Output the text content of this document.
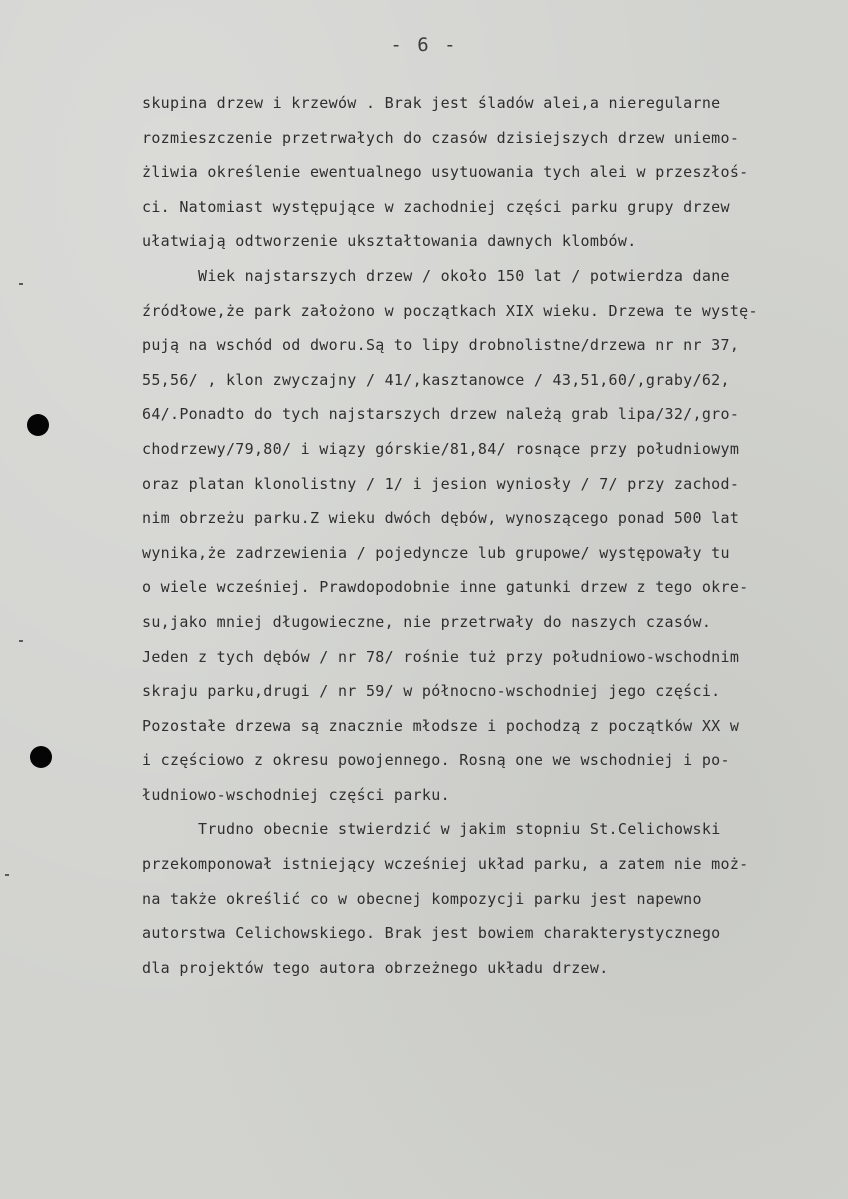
- 6 -
skupina drzew i krzewów . Brak jest śladów alei,a nieregularne
rozmieszczenie przetrwałych do czasów dzisiejszych drzew uniemo-
żliwia określenie ewentualnego usytuowania tych alei w przeszłoś-
ci. Natomiast występujące w zachodniej części parku grupy drzew
ułatwiają odtworzenie ukształtowania dawnych klombów.
Wiek najstarszych drzew / około 150 lat / potwierdza dane
źródłowe,że park założono w początkach XIX wieku. Drzewa te wystę-
pują na wschód od dworu.Są to lipy drobnolistne/drzewa nr nr 37,
55,56/ , klon zwyczajny / 41/,kasztanowce / 43,51,60/,graby/62,
64/.Ponadto do tych najstarszych drzew należą grab lipa/32/,gro-
chodrzewy/79,80/ i wiązy górskie/81,84/ rosnące przy południowym
oraz platan klonolistny / 1/ i jesion wyniosły / 7/ przy zachod-
nim obrzeżu parku.Z wieku dwóch dębów, wynoszącego ponad 500 lat
wynika,że zadrzewienia / pojedyncze lub grupowe/ występowały tu
o wiele wcześniej. Prawdopodobnie inne gatunki drzew z tego okre-
su,jako mniej długowieczne, nie przetrwały do naszych czasów.
Jeden z tych dębów / nr 78/ rośnie tuż przy południowo-wschodnim
skraju parku,drugi / nr 59/ w północno-wschodniej jego części.
Pozostałe drzewa są znacznie młodsze i pochodzą z początków XX w
i częściowo z okresu powojennego. Rosną one we wschodniej i po-
łudniowo-wschodniej części parku.
Trudno obecnie stwierdzić w jakim stopniu St.Celichowski
przekomponował istniejący wcześniej układ parku, a zatem nie moż-
na także określić co w obecnej kompozycji parku jest napewno
autorstwa Celichowskiego. Brak jest bowiem charakterystycznego
dla projektów tego autora obrzeżnego układu drzew.
